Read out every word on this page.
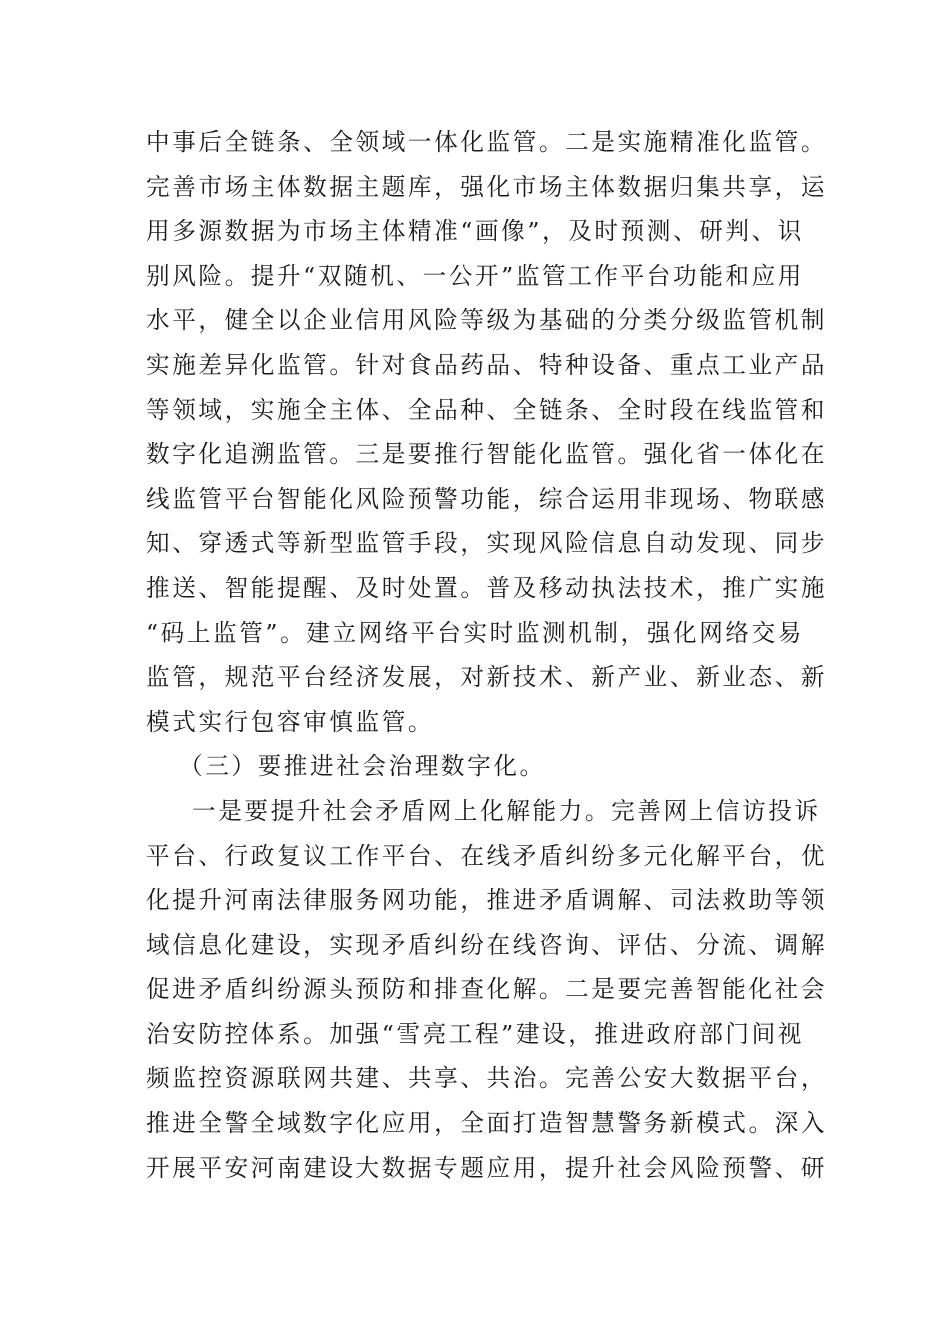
中事后全链条、全领域一体化监管。二是实施精准化监管。
完善市场主体数据主题库，强化市场主体数据归集共享，运
用多源数据为市场主体精准“画像”，及时预测、研判、识
别风险。提升“双随机、一公开”监管工作平台功能和应用
水平，健全以企业信用风险等级为基础的分类分级监管机制
实施差异化监管。针对食品药品、特种设备、重点工业产品
等领域，实施全主体、全品种、全链条、全时段在线监管和
数字化追溯监管。三是要推行智能化监管。强化省一体化在
线监管平台智能化风险预警功能，综合运用非现场、物联感
知、穿透式等新型监管手段，实现风险信息自动发现、同步
推送、智能提醒、及时处置。普及移动执法技术，推广实施
“码上监管”。建立网络平台实时监测机制，强化网络交易
监管，规范平台经济发展，对新技术、新产业、新业态、新
模式实行包容审慎监管。
（三）要推进社会治理数字化。
一是要提升社会矛盾网上化解能力。完善网上信访投诉
平台、行政复议工作平台、在线矛盾纠纷多元化解平台，优
化提升河南法律服务网功能，推进矛盾调解、司法救助等领
域信息化建设，实现矛盾纠纷在线咨询、评估、分流、调解
促进矛盾纠纷源头预防和排查化解。二是要完善智能化社会
治安防控体系。加强“雪亮工程”建设，推进政府部门间视
频监控资源联网共建、共享、共治。完善公安大数据平台，
推进全警全域数字化应用，全面打造智慧警务新模式。深入
开展平安河南建设大数据专题应用，提升社会风险预警、研
